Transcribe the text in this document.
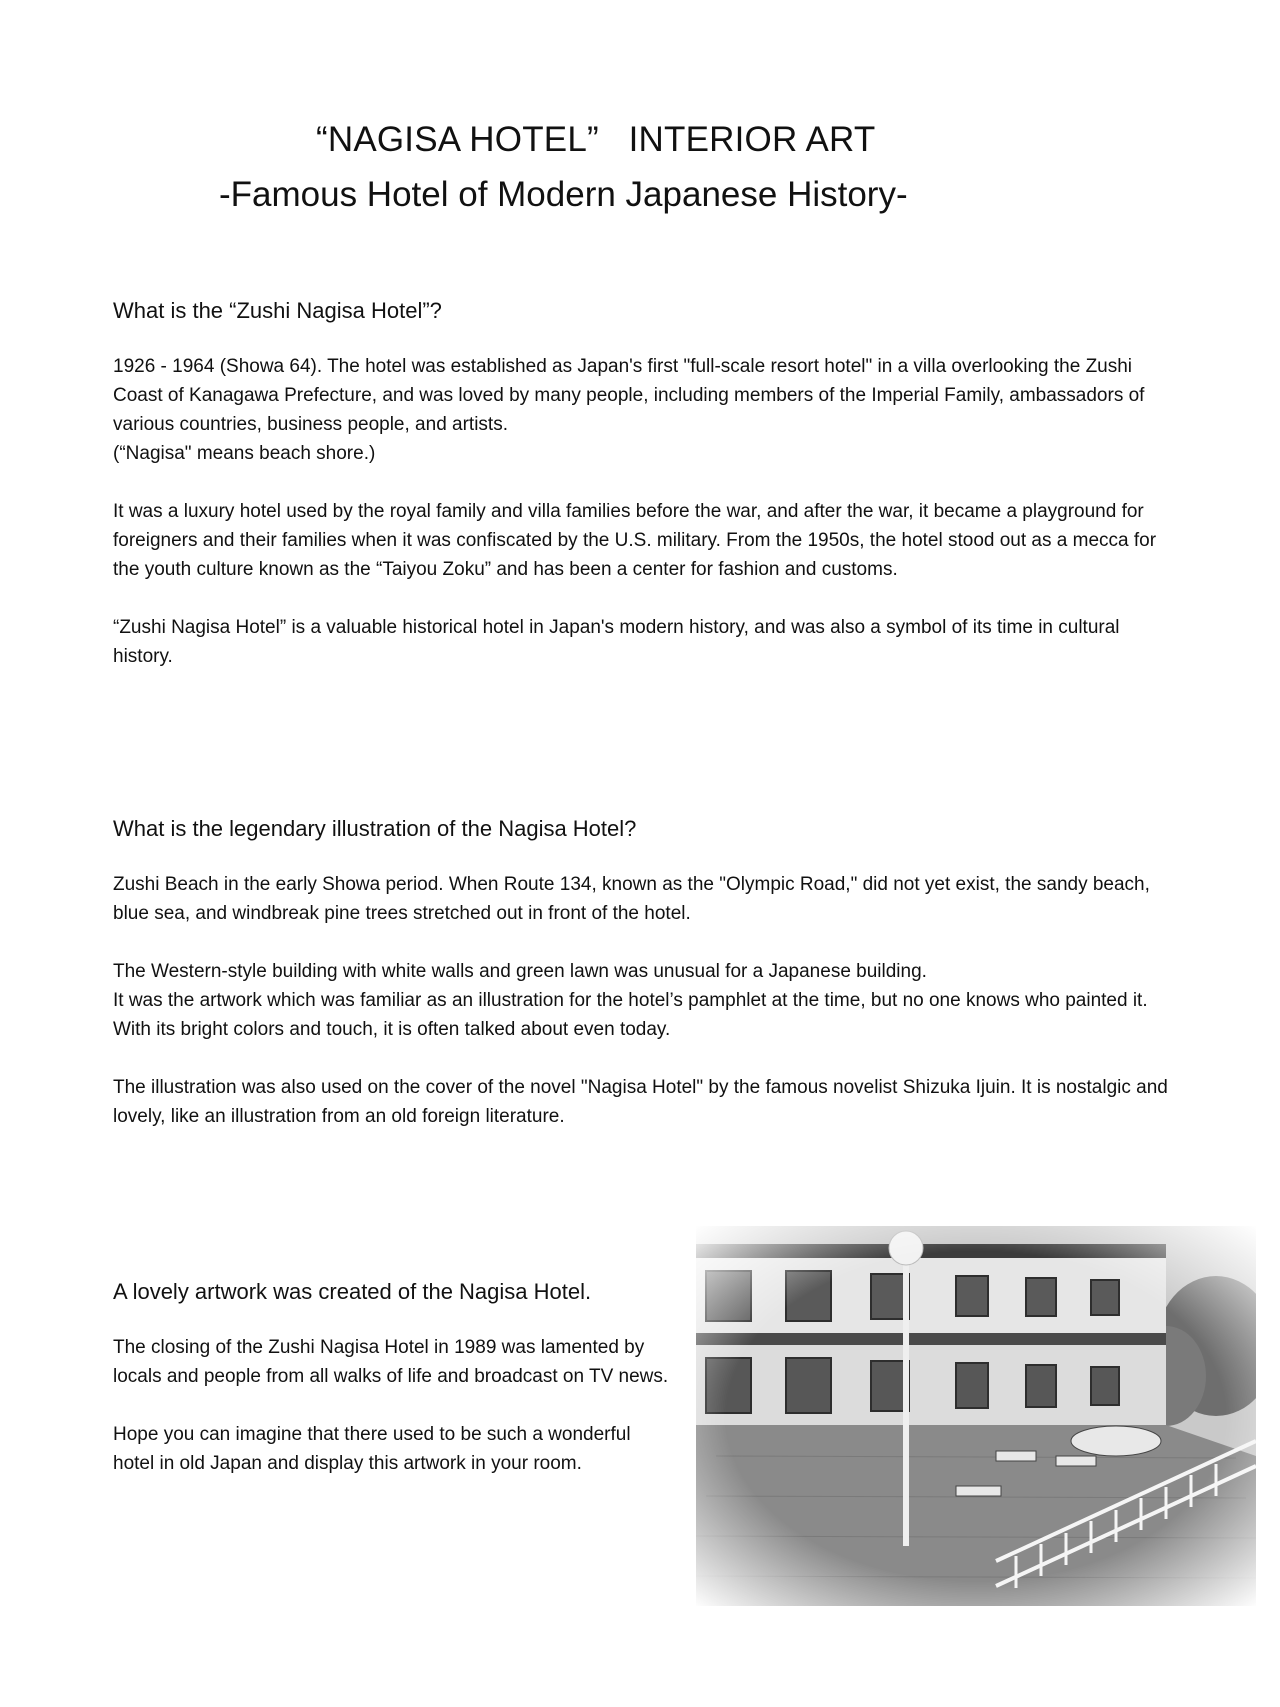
“NAGISA HOTEL”   INTERIOR ART
-Famous Hotel of Modern Japanese History-
What is the “Zushi Nagisa Hotel”?

1926 - 1964 (Showa 64). The hotel was established as Japan's first "full-scale resort hotel" in a villa overlooking the Zushi Coast of Kanagawa Prefecture, and was loved by many people, including members of the Imperial Family, ambassadors of various countries, business people, and artists.
(“Nagisa" means beach shore.)

It was a luxury hotel used by the royal family and villa families before the war, and after the war, it became a playground for foreigners and their families when it was confiscated by the U.S. military. From the 1950s, the hotel stood out as a mecca for the youth culture known as the “Taiyou Zoku” and has been a center for fashion and customs.

“Zushi Nagisa Hotel” is a valuable historical hotel in Japan's modern history, and was also a symbol of its time in cultural history.

What is the legendary illustration of the Nagisa Hotel?

Zushi Beach in the early Showa period. When Route 134, known as the "Olympic Road," did not yet exist, the sandy beach, blue sea, and windbreak pine trees stretched out in front of the hotel.

The Western-style building with white walls and green lawn was unusual for a Japanese building.
It was the artwork which was familiar as an illustration for the hotel’s pamphlet at the time, but no one knows who painted it. With its bright colors and touch, it is often talked about even today.

The illustration was also used on the cover of the novel "Nagisa Hotel" by the famous novelist Shizuka Ijuin. It is nostalgic and lovely, like an illustration from an old foreign literature.

A lovely artwork was created of the Nagisa Hotel.

The closing of the Zushi Nagisa Hotel in 1989 was lamented by locals and people from all walks of life and broadcast on TV news.

Hope you can imagine that there used to be such a wonderful hotel in old Japan and display this artwork in your room.
